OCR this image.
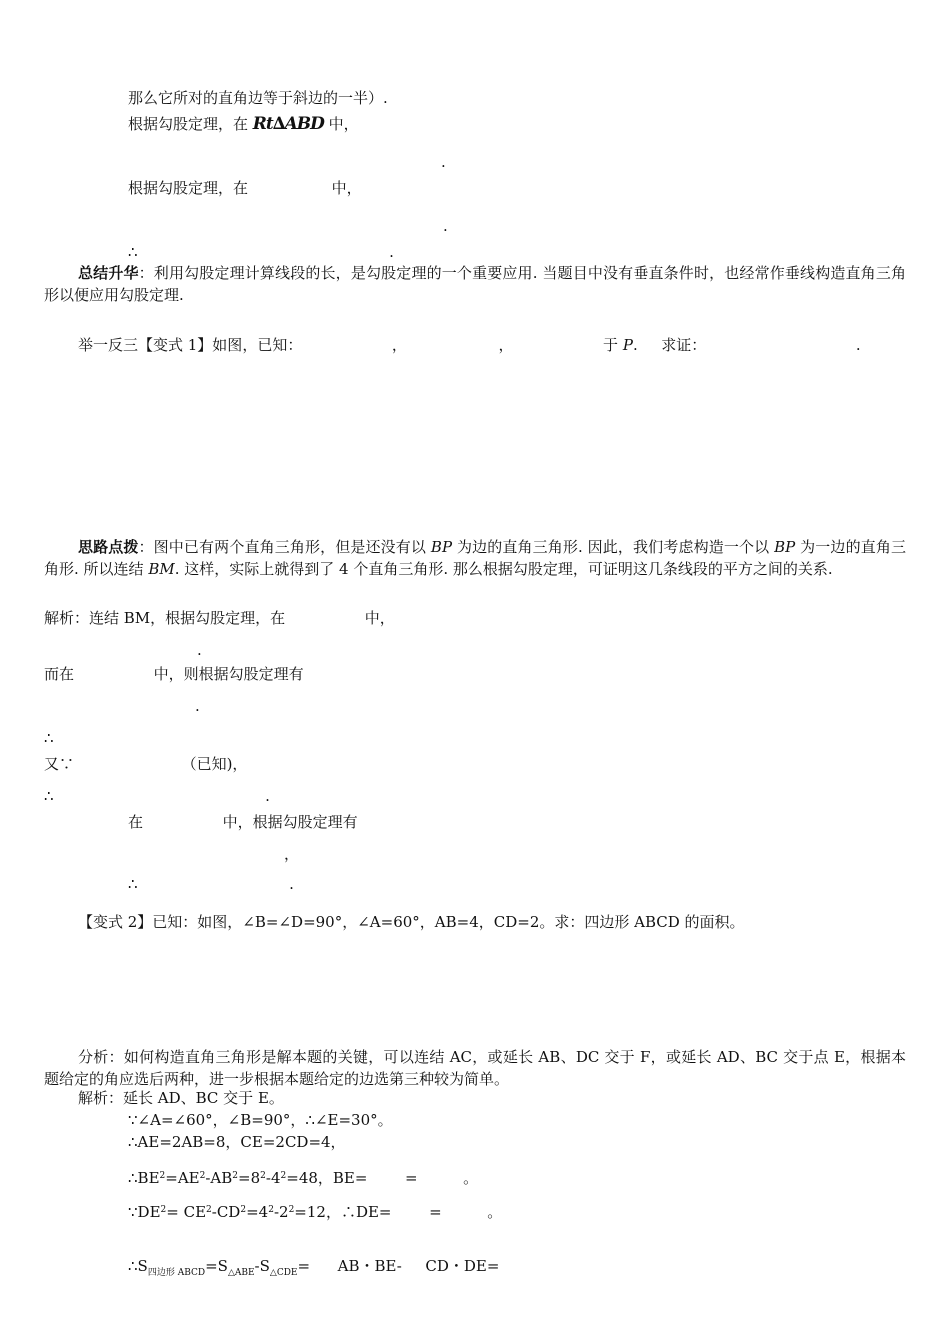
那么它所对的直角边等于斜边的一半）.
根据勾股定理，在 Rt∆ABD 中，
.
根据勾股定理，在	中，
.
∴	.
总结升华：利用勾股定理计算线段的长，是勾股定理的一个重要应用. 当题目中没有垂直条件时，也经常作垂线构造直角三角形以便应用勾股定理.
举一反三【变式 1】如图，已知：	，	，	于 P. 求证：	.
思路点拨：图中已有两个直角三角形，但是还没有以 BP 为边的直角三角形. 因此，我们考虑构造一个以 BP 为一边的直角三角形. 所以连结 BM. 这样，实际上就得到了 4 个直角三角形. 那么根据勾股定理，可证明这几条线段的平方之间的关系.
解析：连结 BM，根据勾股定理，在	中，
.
而在	中，则根据勾股定理有
.
∴
又∵	（已知)，
∴	.
在	中，根据勾股定理有
，
∴	.
【变式 2】已知：如图，∠B=∠D=90°，∠A=60°，AB=4，CD=2。求：四边形 ABCD 的面积。
分析：如何构造直角三角形是解本题的关键，可以连结 AC，或延长 AB、DC 交于 F，或延长 AD、BC 交于点 E，根据本题给定的角应选后两种，进一步根据本题给定的边选第三种较为简单。
解析：延长 AD、BC 交于 E。
∵∠A=∠60°，∠B=90°，∴∠E=30°。
∴AE=2AB=8，CE=2CD=4，
$\therefore BE^2=AE^2-AB^2=8^2-4^2=48$，BE=	=	。
$\because DE^2= CE^2-CD^2=4^2-2^2=12$，∴DE=	=	。
$\therefore S_{四边形 ABCD}=S_{\triangle ABE}-S_{\triangle CDE}=$ AB・BE- CD・DE=
